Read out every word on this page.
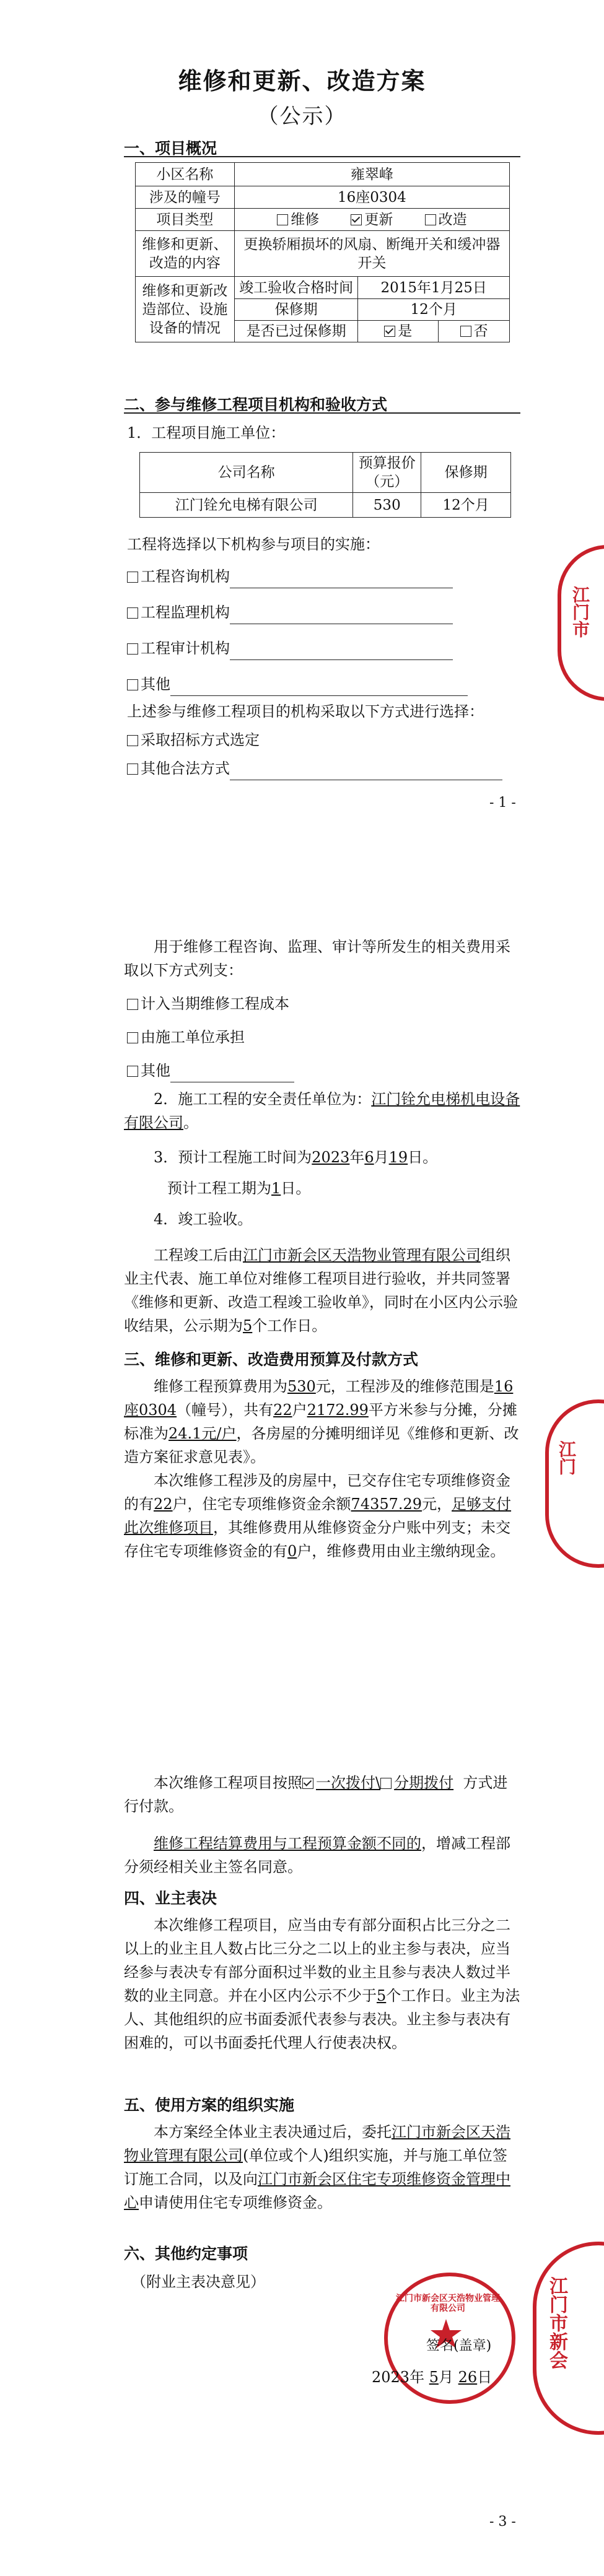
维修和更新、改造方案
（公示）
一、项目概况
小区名称	雍翠峰		
涉及的幢号	16座0304		
项目类型	维修 更新 改造		
维修和更新、改造的内容	更换轿厢损坏的风扇、断绳开关和缓冲器开关		
维修和更新改造部位、设施设备的情况	竣工验收合格时间	2015年1月25日	
	保修期	12个月	
	是否已过保修期	是	否
二、参与维修工程项目机构和验收方式
1．工程项目施工单位：
公司名称	预算报价（元）	保修期
江门铨允电梯有限公司	530	12个月
工程将选择以下机构参与项目的实施：
工程咨询机构
工程监理机构
工程审计机构
其他
上述参与维修工程项目的机构采取以下方式进行选择：
采取招标方式选定
其他合法方式
- 1 -
江门市
用于维修工程咨询、监理、审计等所发生的相关费用采取以下方式列支：
计入当期维修工程成本
由施工单位承担
其他
2．施工工程的安全责任单位为：江门铨允电梯机电设备有限公司。
3．预计工程施工时间为2023年6月19日。
预计工程工期为1日。
4．竣工验收。
工程竣工后由江门市新会区天浩物业管理有限公司组织业主代表、施工单位对维修工程项目进行验收，并共同签署《维修和更新、改造工程竣工验收单》，同时在小区内公示验收结果，公示期为5个工作日。
三、维修和更新、改造费用预算及付款方式
维修工程预算费用为530元，工程涉及的维修范围是16座0304（幢号），共有22户2172.99平方米参与分摊，分摊标准为24.1元/户，各房屋的分摊明细详见《维修和更新、改造方案征求意见表》。
本次维修工程涉及的房屋中，已交存住宅专项维修资金的有22户，住宅专项维修资金余额74357.29元，足够支付此次维修项目，其维修费用从维修资金分户账中列支；未交存住宅专项维修资金的有0户，维修费用由业主缴纳现金。
本次维修工程项目按照 一次拨付\ 分期拨付 方式进行付款。
维修工程结算费用与工程预算金额不同的，增减工程部分须经相关业主签名同意。
四、业主表决
本次维修工程项目，应当由专有部分面积占比三分之二以上的业主且人数占比三分之二以上的业主参与表决，应当经参与表决专有部分面积过半数的业主且参与表决人数过半数的业主同意。并在小区内公示不少于5个工作日。业主为法人、其他组织的应书面委派代表参与表决。业主参与表决有困难的，可以书面委托代理人行使表决权。
五、使用方案的组织实施
本方案经全体业主表决通过后，委托江门市新会区天浩物业管理有限公司(单位或个人)组织实施，并与施工单位签订施工合同，以及向江门市新会区住宅专项维修资金管理中心申请使用住宅专项维修资金。
六、其他约定事项
（附业主表决意见）
江门市新会区天浩物业管理有限公司
签名(盖章)
2023年 5月 26日
- 3 -
江门
江门市新会
